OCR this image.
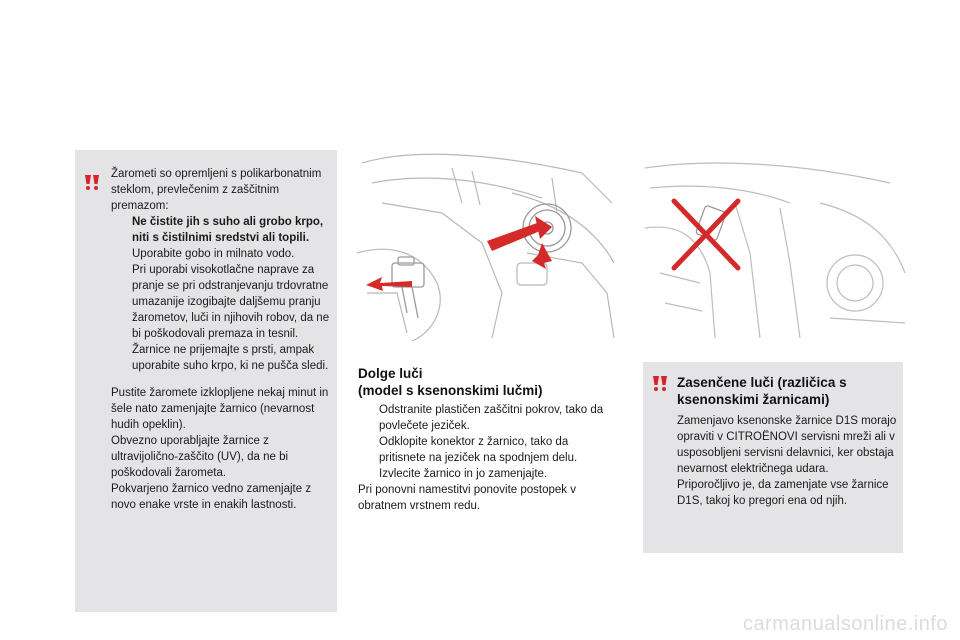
Žarometi so opremljeni s polikarbonatnim steklom, prevlečenim z zaščitnim premazom:

Ne čistite jih s suho ali grobo krpo, niti s čistilnimi sredstvi ali topili.
Uporabite gobo in milnato vodo.
Pri uporabi visokotlačne naprave za pranje se pri odstranjevanju trdovratne umazanije izogibajte daljšemu pranju žarometov, luči in njihovih robov, da ne bi poškodovali premaza in tesnil.
Žarnice ne prijemajte s prsti, ampak uporabite suho krpo, ki ne pušča sledi.

Pustite žaromete izklopljene nekaj minut in šele nato zamenjajte žarnico (nevarnost hudih opeklin).

Obvezno uporabljajte žarnice z ultravijolično-zaščito (UV), da ne bi poškodovali žarometa.

Pokvarjeno žarnico vedno zamenjajte z novo enake vrste in enakih lastnosti.

Dolge luči

(model s ksenonskimi lučmi)

Odstranite plastičen zaščitni pokrov, tako da povlečete jeziček.
Odklopite konektor z žarnico, tako da pritisnete na jeziček na spodnjem delu.
Izvlecite žarnico in jo zamenjajte.

Pri ponovni namestitvi ponovite postopek v obratnem vrstnem redu.

Zasenčene luči (različica s

ksenonskimi žarnicami)

Zamenjavo ksenonske žarnice D1S morajo opraviti v CITROËNOVI servisni mreži ali v usposobljeni servisni delavnici, ker obstaja nevarnost električnega udara.

Priporočljivo je, da zamenjate vse žarnice D1S, takoj ko pregori ena od njih.

carmanualsonline.info
